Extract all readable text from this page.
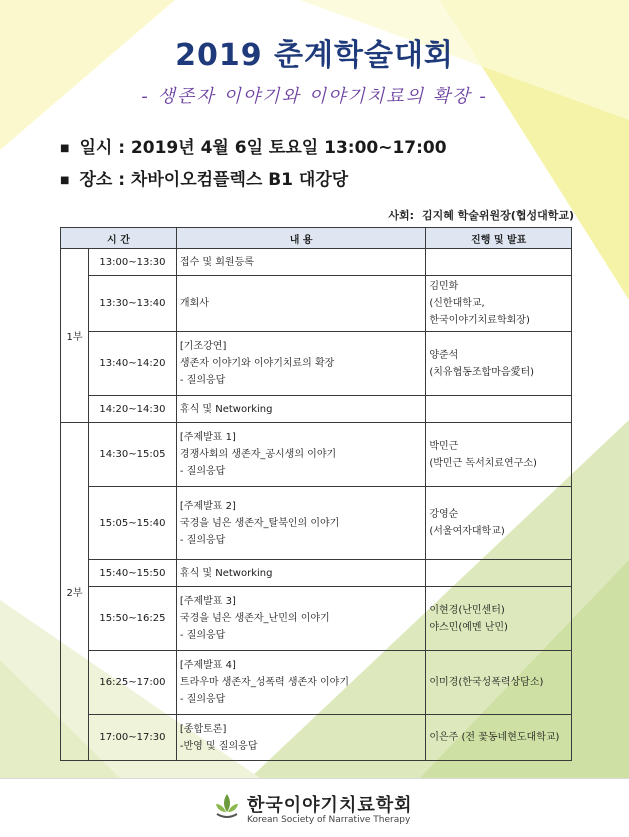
2019 춘계학술대회
- 생존자 이야기와 이야기치료의 확장 -
■ 일시 : 2019년 4월 6일 토요일 13:00~17:00
■ 장소 : 차바이오컴플렉스 B1 대강당
사회: 김지혜 학술위원장(협성대학교)
시 간		내 용	진행 및 발표
1부	13:00~13:30	접수 및 회원등록	

	13:30~13:40	개회사	김민화
(신한대학교,
한국이야기치료학회장)

	13:40~14:20	[기조강연]
생존자 이야기와 이야기치료의 확장
- 질의응답	양준석
(치유협동조합마음愛터)

	14:20~14:30	휴식 및 Networking	

2부	14:30~15:05	[주제발표 1]
경쟁사회의 생존자_공시생의 이야기
- 질의응답	박민근
(박민근 독서치료연구소)

	15:05~15:40	[주제발표 2]
국경을 넘은 생존자_탈북인의 이야기
- 질의응답	강영순
(서울여자대학교)

	15:40~15:50	휴식 및 Networking	

	15:50~16:25	[주제발표 3]
국경을 넘은 생존자_난민의 이야기
- 질의응답	이현경(난민센터)
야스민(예멘 난민)

	16:25~17:00	[주제발표 4]
트라우마 생존자_성폭력 생존자 이야기
- 질의응답	이미경(한국성폭력상담소)

	17:00~17:30	[종합토론]
-반영 및 질의응답	이은주 (전 꽃동네현도대학교)
한국이야기치료학회
Korean Society of Narrative Therapy
